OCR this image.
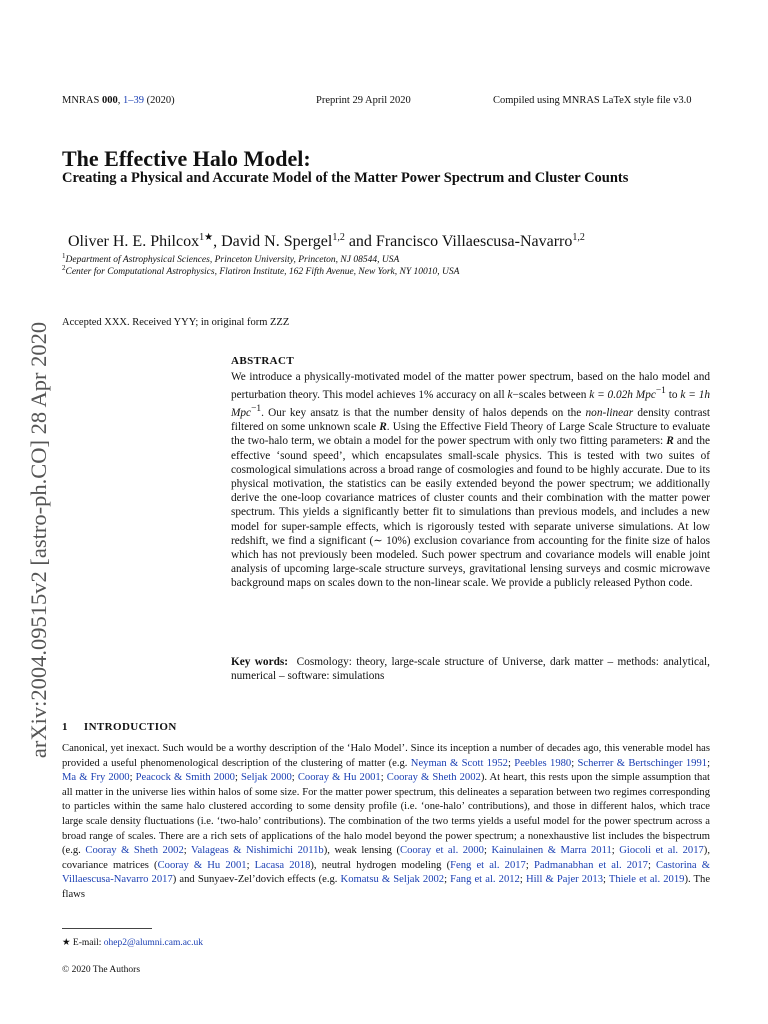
MNRAS 000, 1–39 (2020)	Preprint 29 April 2020	Compiled using MNRAS LaTeX style file v3.0
arXiv:2004.09515v2 [astro-ph.CO] 28 Apr 2020
The Effective Halo Model:
Creating a Physical and Accurate Model of the Matter Power Spectrum and Cluster Counts
Oliver H. E. Philcox$^{1★}$, David N. Spergel$^{1,2}$ and Francisco Villaescusa-Navarro$^{1,2}$
$^1$Department of Astrophysical Sciences, Princeton University, Princeton, NJ 08544, USA
$^2$Center for Computational Astrophysics, Flatiron Institute, 162 Fifth Avenue, New York, NY 10010, USA
Accepted XXX. Received YYY; in original form ZZZ
ABSTRACT
We introduce a physically-motivated model of the matter power spectrum, based on the halo model and perturbation theory. This model achieves 1% accuracy on all k−scales between k = 0.02h Mpc$^{-1}$ to k = 1h Mpc$^{-1}$. Our key ansatz is that the number density of halos depends on the non-linear density contrast filtered on some unknown scale R. Using the Effective Field Theory of Large Scale Structure to evaluate the two-halo term, we obtain a model for the power spectrum with only two fitting parameters: R and the effective ‘sound speed’, which encapsulates small-scale physics. This is tested with two suites of cosmological simulations across a broad range of cosmologies and found to be highly accurate. Due to its physical motivation, the statistics can be easily extended beyond the power spectrum; we additionally derive the one-loop covariance matrices of cluster counts and their combination with the matter power spectrum. This yields a significantly better fit to simulations than previous models, and includes a new model for super-sample effects, which is rigorously tested with separate universe simulations. At low redshift, we find a significant (∼ 10%) exclusion covariance from accounting for the finite size of halos which has not previously been modeled. Such power spectrum and covariance models will enable joint analysis of upcoming large-scale structure surveys, gravitational lensing surveys and cosmic microwave background maps on scales down to the non-linear scale. We provide a publicly released Python code.
Key words: Cosmology: theory, large-scale structure of Universe, dark matter – methods: analytical, numerical – software: simulations
1 INTRODUCTION
Canonical, yet inexact. Such would be a worthy description of the ‘Halo Model’. Since its inception a number of decades ago, this venerable model has provided a useful phenomenological description of the clustering of matter (e.g. Neyman & Scott 1952; Peebles 1980; Scherrer & Bertschinger 1991; Ma & Fry 2000; Peacock & Smith 2000; Seljak 2000; Cooray & Hu 2001; Cooray & Sheth 2002). At heart, this rests upon the simple assumption that all matter in the universe lies within halos of some size. For the matter power spectrum, this delineates a separation between two regimes corresponding to particles within the same halo clustered according to some density profile (i.e. ‘one-halo’ contributions), and those in different halos, which trace large scale density fluctuations (i.e. ‘two-halo’ contributions). The combination of the two terms yields a useful model for the power spectrum across a broad range of scales. There are a rich sets of applications of the halo model beyond the power spectrum; a nonexhaustive list includes the bispectrum (e.g. Cooray & Sheth 2002; Valageas & Nishimichi 2011b), weak lensing (Cooray et al. 2000; Kainulainen & Marra 2011; Giocoli et al. 2017), covariance matrices (Cooray & Hu 2001; Lacasa 2018), neutral hydrogen modeling (Feng et al. 2017; Padmanabhan et al. 2017; Castorina & Villaescusa-Navarro 2017) and Sunyaev-Zel’dovich effects (e.g. Komatsu & Seljak 2002; Fang et al. 2012; Hill & Pajer 2013; Thiele et al. 2019). The flaws
★ E-mail: ohep2@alumni.cam.ac.uk
© 2020 The Authors
